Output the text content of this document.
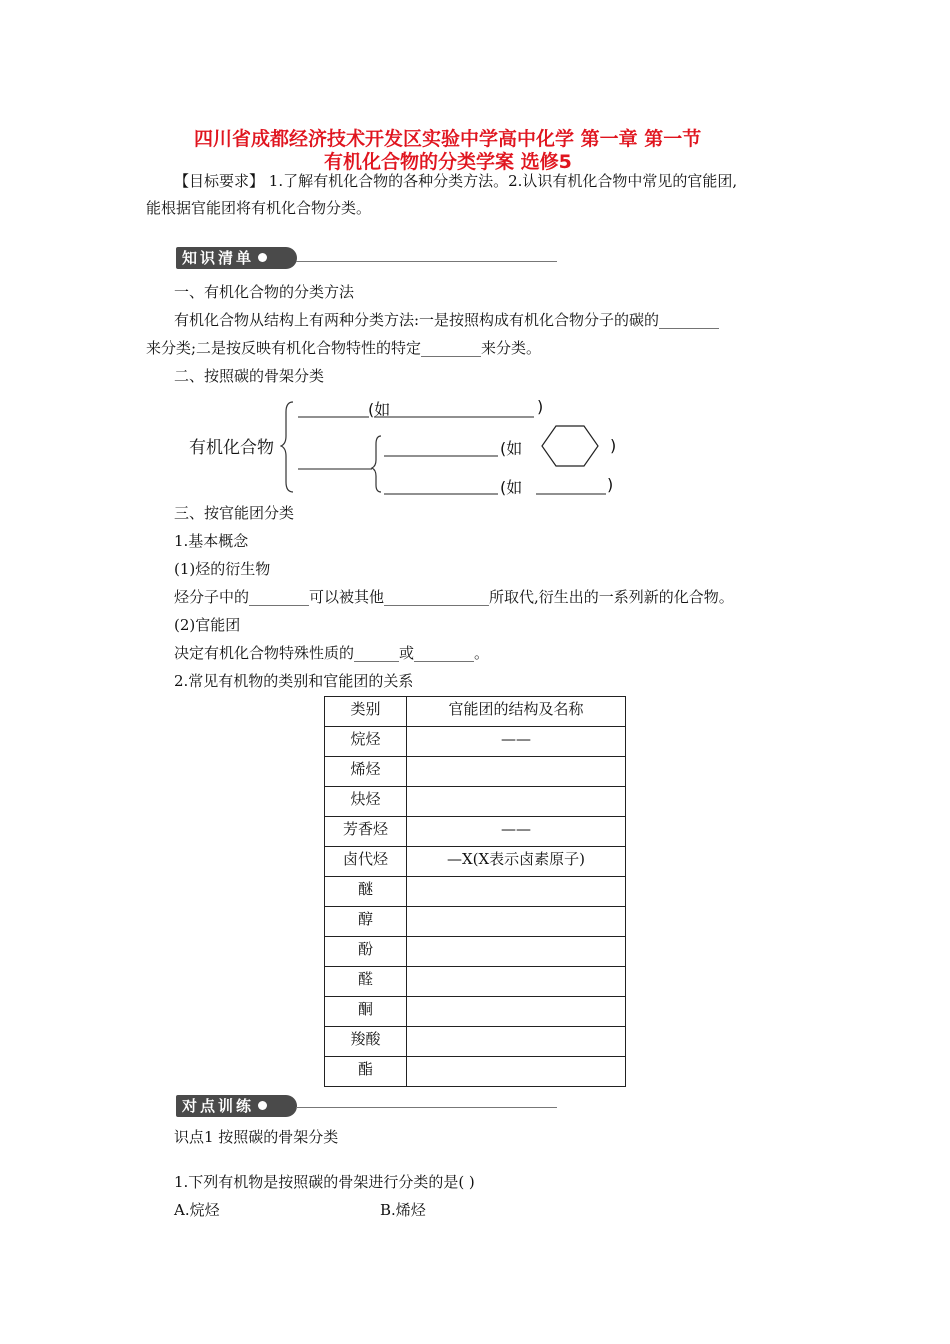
四川省成都经济技术开发区实验中学高中化学 第一章 第一节
有机化合物的分类学案 选修5
【目标要求】 1.了解有机化合物的各种分类方法。2.认识有机化合物中常见的官能团,
能根据官能团将有机化合物分类。
知识清单
一、有机化合物的分类方法
有机化合物从结构上有两种分类方法:一是按照构成有机化合物分子的碳的________
来分类;二是按反映有机化合物特性的特定________来分类。
二、按照碳的骨架分类
有机化合物
(如	)
(如	)
(如	)
三、按官能团分类
1.基本概念
(1)烃的衍生物
烃分子中的________可以被其他______________所取代,衍生出的一系列新的化合物。
(2)官能团
决定有机化合物特殊性质的______或________。
2.常见有机物的类别和官能团的关系
类别	官能团的结构及名称
烷烃	——
烯烃	
炔烃	
芳香烃	——
卤代烃	—X(X表示卤素原子)
醚	
醇	
酚	
醛	
酮	
羧酸	
酯	
对点训练
识点1 按照碳的骨架分类
1.下列有机物是按照碳的骨架进行分类的是( )
A.烷烃	B.烯烃
